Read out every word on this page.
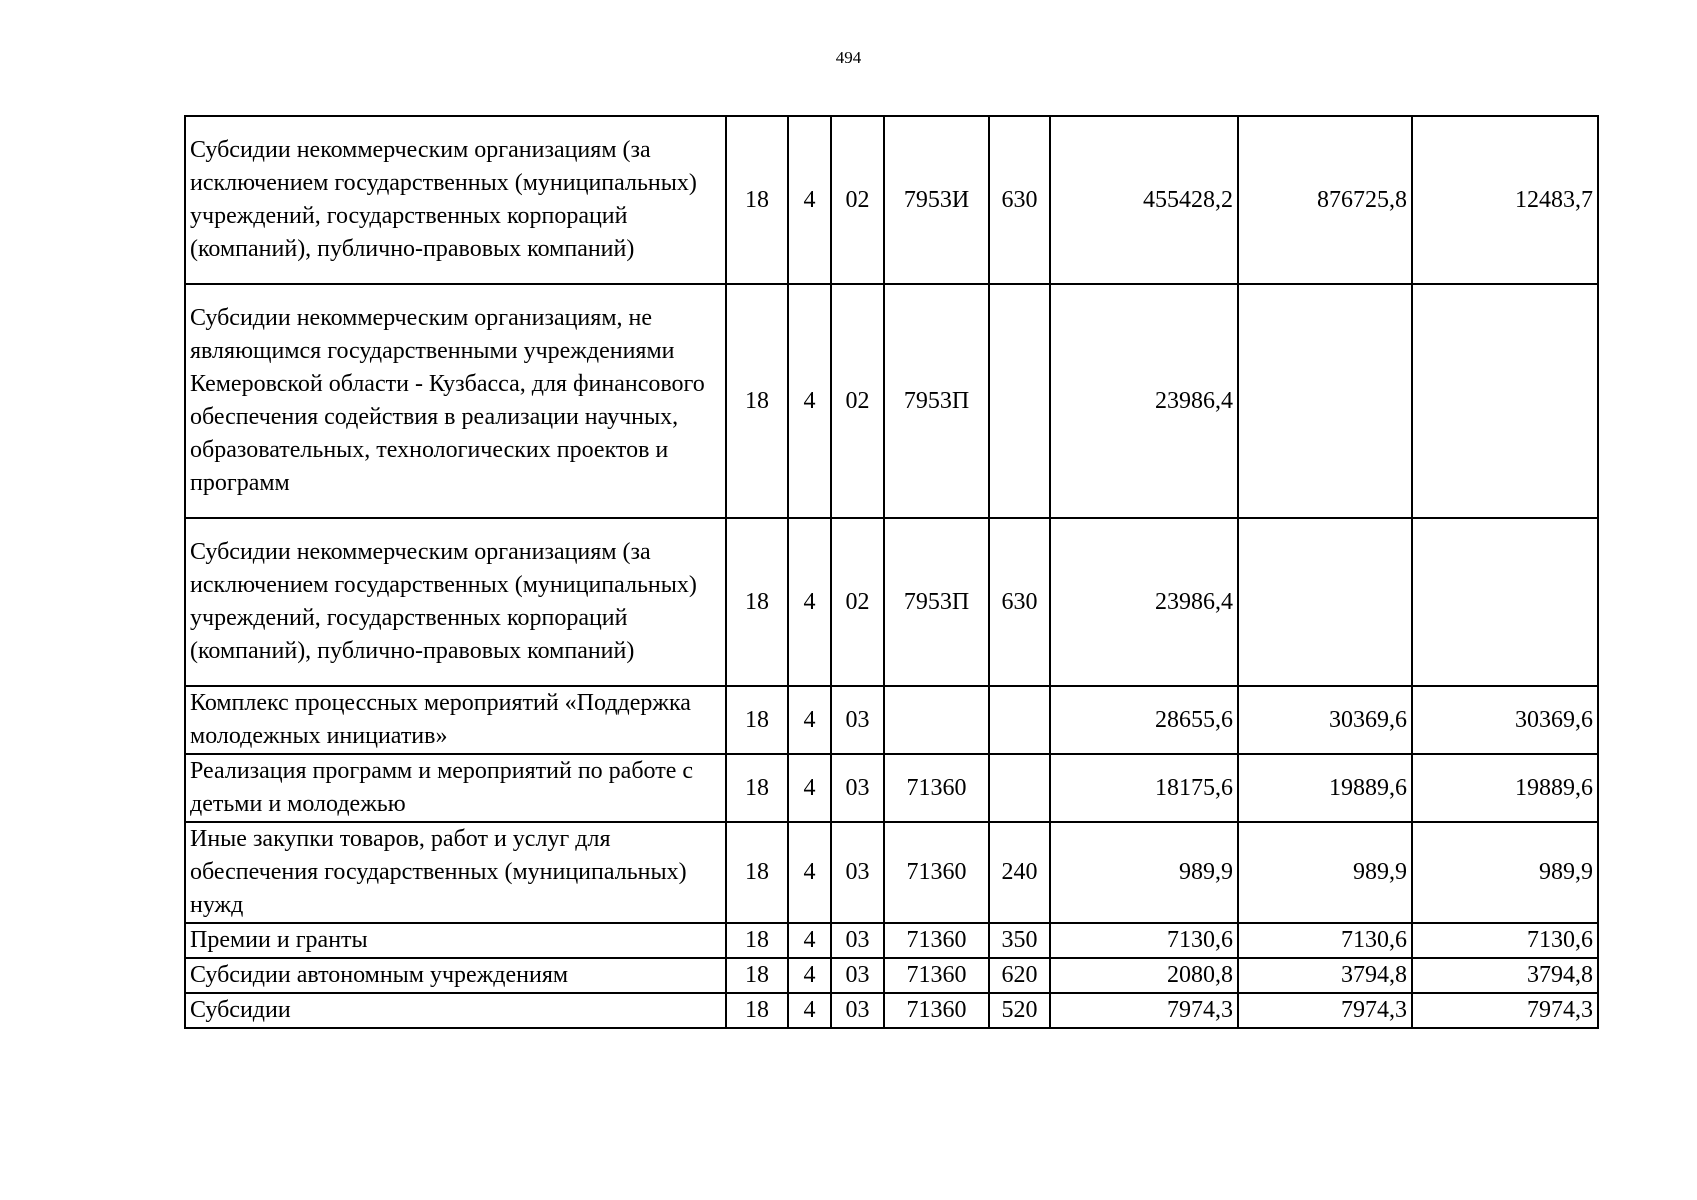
494
Субсидии некоммерческим организациям (за исключением государственных (муниципальных) учреждений, государственных корпораций (компаний), публично-правовых компаний)	18	4	02	7953И	630	455428,2	876725,8	12483,7
Субсидии некоммерческим организациям, не являющимся государственными учреждениями Кемеровской области - Кузбасса, для финансового обеспечения содействия в реализации научных, образовательных, технологических проектов и программ	18	4	02	7953П		23986,4		
Субсидии некоммерческим организациям (за исключением государственных (муниципальных) учреждений, государственных корпораций (компаний), публично-правовых компаний)	18	4	02	7953П	630	23986,4		
Комплекс процессных мероприятий «Поддержка молодежных инициатив»	18	4	03			28655,6	30369,6	30369,6
Реализация программ и мероприятий по работе с детьми и молодежью	18	4	03	71360		18175,6	19889,6	19889,6
Иные закупки товаров, работ и услуг для обеспечения государственных (муниципальных) нужд	18	4	03	71360	240	989,9	989,9	989,9
Премии и гранты	18	4	03	71360	350	7130,6	7130,6	7130,6
Субсидии автономным учреждениям	18	4	03	71360	620	2080,8	3794,8	3794,8
Субсидии	18	4	03	71360	520	7974,3	7974,3	7974,3
